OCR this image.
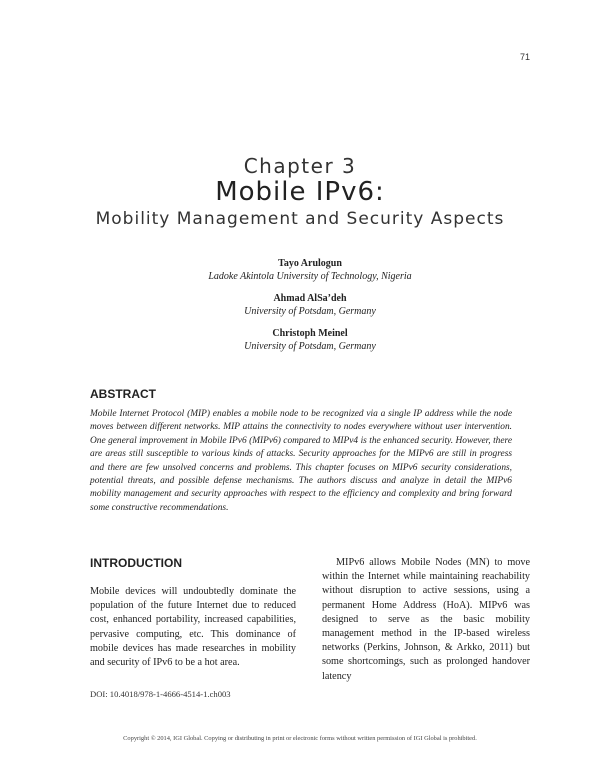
71
Chapter 3
Mobile IPv6:
Mobility Management and Security Aspects
Tayo Arulogun
Ladoke Akintola University of Technology, Nigeria
Ahmad AlSa’deh
University of Potsdam, Germany
Christoph Meinel
University of Potsdam, Germany
ABSTRACT
Mobile Internet Protocol (MIP) enables a mobile node to be recognized via a single IP address while the node moves between different networks. MIP attains the connectivity to nodes everywhere without user intervention. One general improvement in Mobile IPv6 (MIPv6) compared to MIPv4 is the enhanced security. However, there are areas still susceptible to various kinds of attacks. Security approaches for the MIPv6 are still in progress and there are few unsolved concerns and problems. This chapter focuses on MIPv6 security considerations, potential threats, and possible defense mechanisms. The authors discuss and analyze in detail the MIPv6 mobility management and security approaches with respect to the efficiency and complexity and bring forward some constructive recommendations.
INTRODUCTION
Mobile devices will undoubtedly dominate the population of the future Internet due to reduced cost, enhanced portability, increased capabilities, pervasive computing, etc. This dominance of mobile devices has made researches in mobility and security of IPv6 to be a hot area.
MIPv6 allows Mobile Nodes (MN) to move within the Internet while maintaining reachability without disruption to active sessions, using a permanent Home Address (HoA). MIPv6 was designed to serve as the basic mobility management method in the IP-based wireless networks (Perkins, Johnson, & Arkko, 2011) but some shortcomings, such as prolonged handover latency
DOI: 10.4018/978-1-4666-4514-1.ch003
Copyright © 2014, IGI Global. Copying or distributing in print or electronic forms without written permission of IGI Global is prohibited.
